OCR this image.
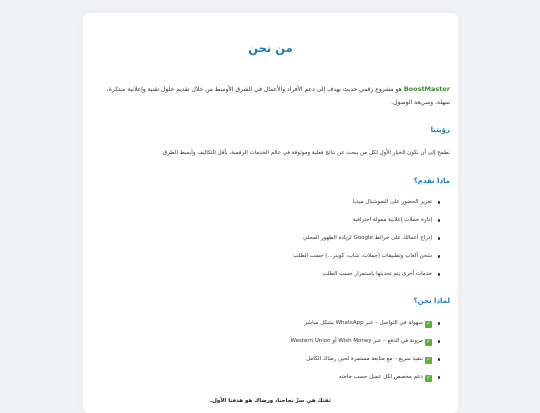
من نحن
BoostMaster هو مشروع رقمي حديث يهدف إلى دعم الأفراد والأعمال في الشرق الأوسط من خلال تقديم حلول تقنية وإعلانية مبتكرة، سهلة، وسريعة الوصول.
رؤيتنا
نطمح إلى أن نكون الخيار الأول لكل من يبحث عن نتائج فعلية وموثوقة في عالم الخدمات الرقمية، بأقل التكاليف وأبسط الطرق.
ماذا نقدم؟
تعزيز الحضور على السوشيال ميديا
إدارة حملات إعلانية ممولة احترافية
إدراج أعمالك على خرائط Google لزيادة الظهور المحلي
شحن ألعاب وتطبيقات (جملات، شاب، كوينز...) حسب الطلب
خدمات أخرى يتم تحديثها باستمرار حسب الطلب
لماذا نحن؟
✓سهولة في التواصل – عبر WhatsApp بشكل مباشر
✓مرونة في الدفع – عبر Wish Money أو Western Union
✓تنفيذ سريع – مع متابعة مستمرة لحين رضاك الكامل
✓دعم مخصص لكل عميل حسب حاجته
ثقتك هي سرّ نجاحنا، ورضاك هو هدفنا الأول.
